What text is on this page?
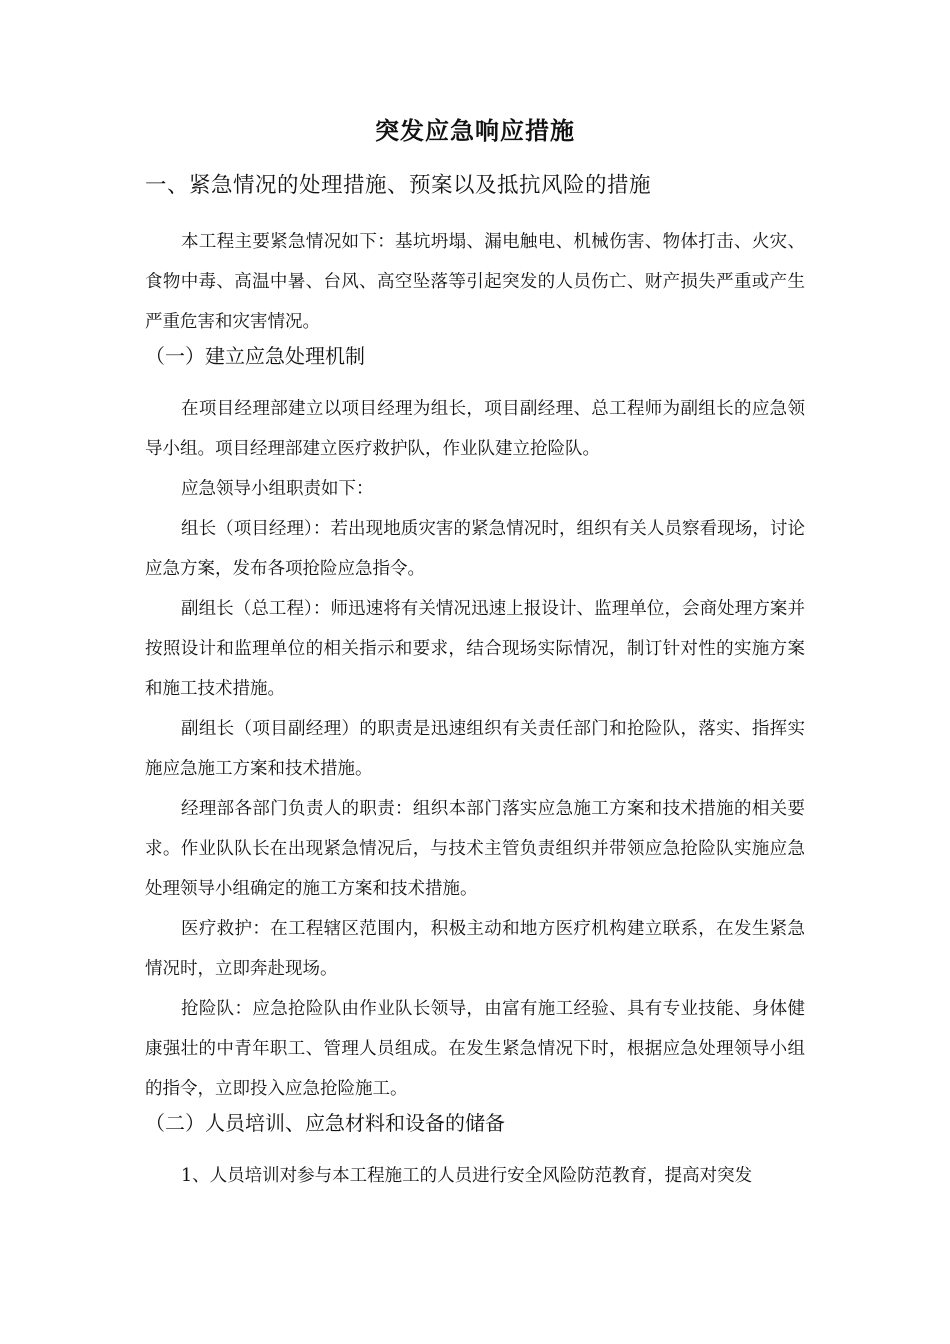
突发应急响应措施
一、紧急情况的处理措施、预案以及抵抗风险的措施

本工程主要紧急情况如下：基坑坍塌、漏电触电、机械伤害、物体打击、火灾、食物中毒、高温中暑、台风、高空坠落等引起突发的人员伤亡、财产损失严重或产生严重危害和灾害情况。

（一）建立应急处理机制

在项目经理部建立以项目经理为组长，项目副经理、总工程师为副组长的应急领导小组。项目经理部建立医疗救护队，作业队建立抢险队。

应急领导小组职责如下：

组长（项目经理）：若出现地质灾害的紧急情况时，组织有关人员察看现场，讨论应急方案，发布各项抢险应急指令。

副组长（总工程）：师迅速将有关情况迅速上报设计、监理单位，会商处理方案并按照设计和监理单位的相关指示和要求，结合现场实际情况，制订针对性的实施方案和施工技术措施。

副组长（项目副经理）的职责是迅速组织有关责任部门和抢险队，落实、指挥实施应急施工方案和技术措施。

经理部各部门负责人的职责：组织本部门落实应急施工方案和技术措施的相关要求。作业队队长在出现紧急情况后，与技术主管负责组织并带领应急抢险队实施应急处理领导小组确定的施工方案和技术措施。

医疗救护：在工程辖区范围内，积极主动和地方医疗机构建立联系，在发生紧急情况时，立即奔赴现场。

抢险队：应急抢险队由作业队长领导，由富有施工经验、具有专业技能、身体健康强壮的中青年职工、管理人员组成。在发生紧急情况下时，根据应急处理领导小组的指令，立即投入应急抢险施工。

（二）人员培训、应急材料和设备的储备

1、人员培训对参与本工程施工的人员进行安全风险防范教育，提高对突发
